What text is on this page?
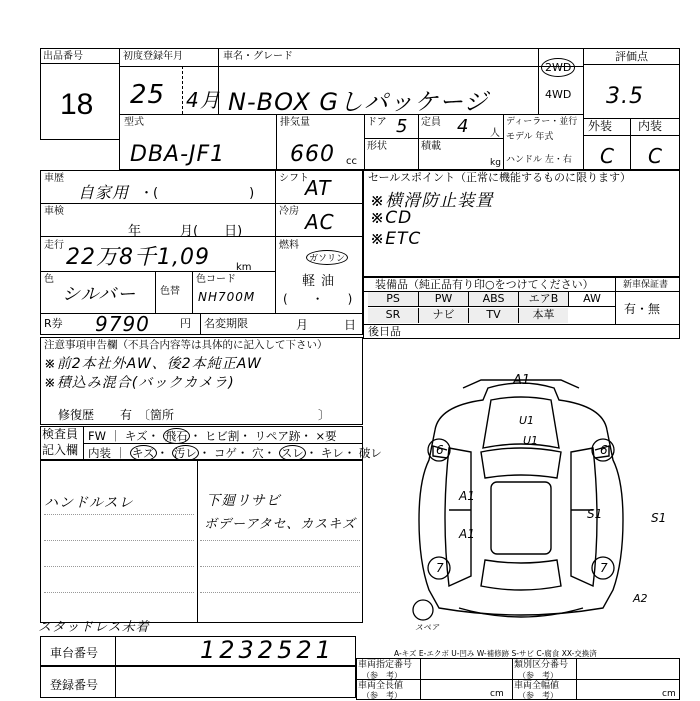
出品番号
18
初度登録年月
25 4月
車名・グレード
N-BOX Gしパッケージ
2WD
4WD
評価点
3.5
外装 内装
C C
型式
DBA-JF1
排気量
660 cc
ドア 5 定員 4 人
形状	積載
kg
ディーラー・並行
モデル 年式
ハンドル 左・右
車歴
自家用 ・(　　　　　　　)
シフト
AT
車検
年　　　月(　　日)
冷房 AC
走行 22万8千1,09	km
燃料
ガソリン
軽油
(　　・　　)
色
シルバー 色替
色コード
NH700M
R券 9790	円 名変期限	月　　　日
セールスポイント（正常に機能するものに限ります）
※横滑防止装置
※CD
※ETC
装備品（純正品有り印○をつけてください）	新車保証書
有・無
PS	PW	ABS	エアB	AW
SR	ナビ	TV	本革
後日品
注意事項申告欄（不具合内容等は具体的に記入して下さい）
※前2本社外AW、後2本純正AW
※積込み混合(バックカメラ)
修復歴 有　〔箇所　　　　　　　　　　　　〕
検査員
記入欄
FW ｜ キズ・ 飛石 ・ ヒビ割・ リペア跡・ ×要
内装 ｜ キズ ・ 汚レ ・ コゲ・ 穴・ スレ ・ キレ・ 破レ
ハンドルスレ	下廻リサビ
ボデーアタセ、カスキズ
スタッドレス未着
A1
U1
U1
6	6
A1
A1
S1	S1
7	7
A2
スペア
A-キズ E-エクボ U-凹み W-補修跡 S-サビ C-腐食 XX-交換済
車台番号	1232521
登録番号
車両指定番号
（参　考）
類別区分番号
（参　考）
車両全長値
（参　考）	cm
車両全幅値
（参　考）	cm
